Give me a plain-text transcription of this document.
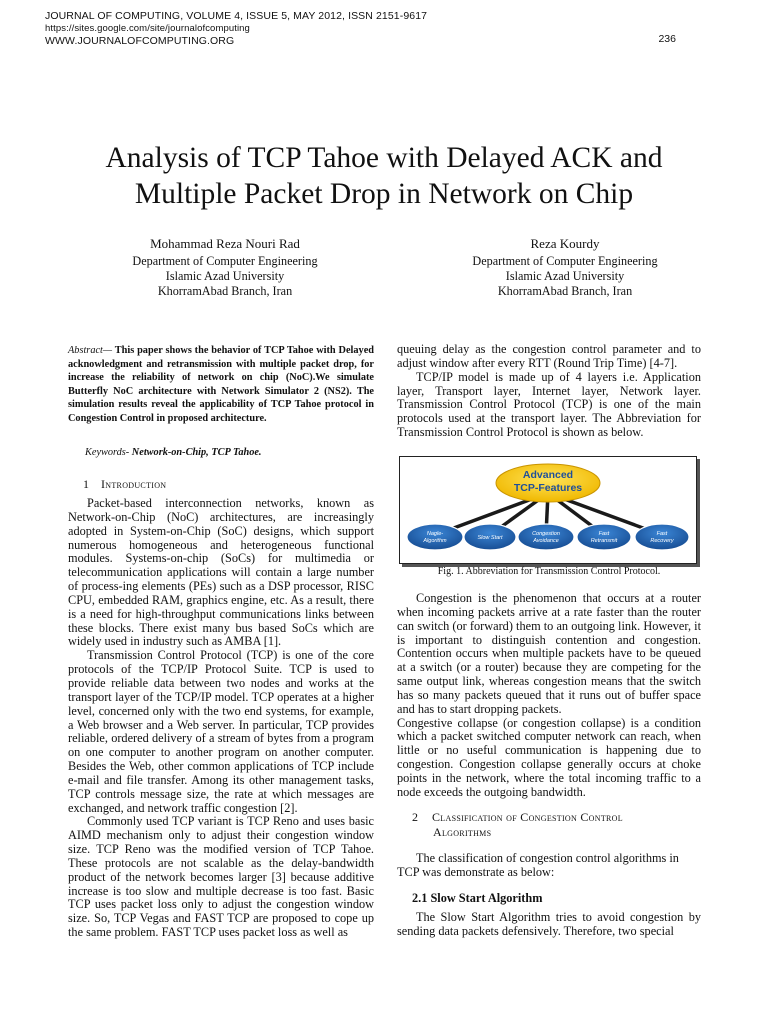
JOURNAL OF COMPUTING, VOLUME 4, ISSUE 5, MAY 2012, ISSN 2151-9617
https://sites.google.com/site/journalofcomputing
WWW.JOURNALOFCOMPUTING.ORG	236
Analysis of TCP Tahoe with Delayed ACK and
Multiple Packet Drop in Network on Chip
Mohammad Reza Nouri Rad
Department of Computer Engineering
Islamic Azad University
KhorramAbad Branch, Iran
Reza Kourdy
Department of Computer Engineering
Islamic Azad University
KhorramAbad Branch, Iran
Abstract— This paper shows the behavior of TCP Tahoe with Delayed acknowledgment and retransmission with multiple packet drop, for increase the reliability of network on chip (NoC).We simulate Butterfly NoC architecture with Network Simulator 2 (NS2). The simulation results reveal the applicability of TCP Tahoe protocol in Congestion Control in proposed architecture.
Keywords- Network-on-Chip, TCP Tahoe.
1 Introduction

Packet-based interconnection networks, known as Network-on-Chip (NoC) architectures, are increasingly adopted in System-on-Chip (SoC) designs, which support numerous homogeneous and heterogeneous functional modules. Systems-on-chip (SoCs) for multimedia or telecommunication applications will contain a large number of process-ing elements (PEs) such as a DSP processor, RISC CPU, embedded RAM, graphics engine, etc. As a result, there is a need for high-throughput communications links between these blocks. There exist many bus based SoCs which are widely used in industry such as AMBA [1].

Transmission Control Protocol (TCP) is one of the core protocols of the TCP/IP Protocol Suite. TCP is used to provide reliable data between two nodes and works at the transport layer of the TCP/IP model. TCP operates at a higher level, concerned only with the two end systems, for example, a Web browser and a Web server. In particular, TCP provides reliable, ordered delivery of a stream of bytes from a program on one computer to another program on another computer. Besides the Web, other common applications of TCP include e-mail and file transfer. Among its other management tasks, TCP controls message size, the rate at which messages are exchanged, and network traffic congestion [2].

Commonly used TCP variant is TCP Reno and uses basic AIMD mechanism only to adjust their congestion window size. TCP Reno was the modified version of TCP Tahoe. These protocols are not scalable as the delay-bandwidth product of the network becomes larger [3] because additive increase is too slow and multiple decrease is too fast. Basic TCP uses packet loss only to adjust the congestion window size. So, TCP Vegas and FAST TCP are proposed to cope up the same problem. FAST TCP uses packet loss as well as

queuing delay as the congestion control parameter and to adjust window after every RTT (Round Trip Time) [4-7].

TCP/IP model is made up of 4 layers i.e. Application layer, Transport layer, Internet layer, Network layer. Transmission Control Protocol (TCP) is one of the main protocols used at the transport layer. The Abbreviation for Transmission Control Protocol is shown as below.

Advanced
TCP-Features
Nagle-
Algorithm	Slow Start
Congestion
Avoidance
Fast
Retransmit
Fast
Recovery
Fig. 1. Abbreviation for Transmission Control Protocol.

Congestion is the phenomenon that occurs at a router when incoming packets arrive at a rate faster than the router can switch (or forward) them to an outgoing link. However, it is important to distinguish contention and congestion. Contention occurs when multiple packets have to be queued at a switch (or a router) because they are competing for the same output link, whereas congestion means that the switch has so many packets queued that it runs out of buffer space and has to start dropping packets.

Congestive collapse (or congestion collapse) is a condition which a packet switched computer network can reach, when little or no useful communication is happening due to congestion. Congestion collapse generally occurs at choke points in the network, where the total incoming traffic to a node exceeds the outgoing bandwidth.

2 Classification of Congestion Control
Algorithms

The classification of congestion control algorithms in TCP was demonstrate as below:

2.1 Slow Start Algorithm

The Slow Start Algorithm tries to avoid congestion by sending data packets defensively. Therefore, two special
